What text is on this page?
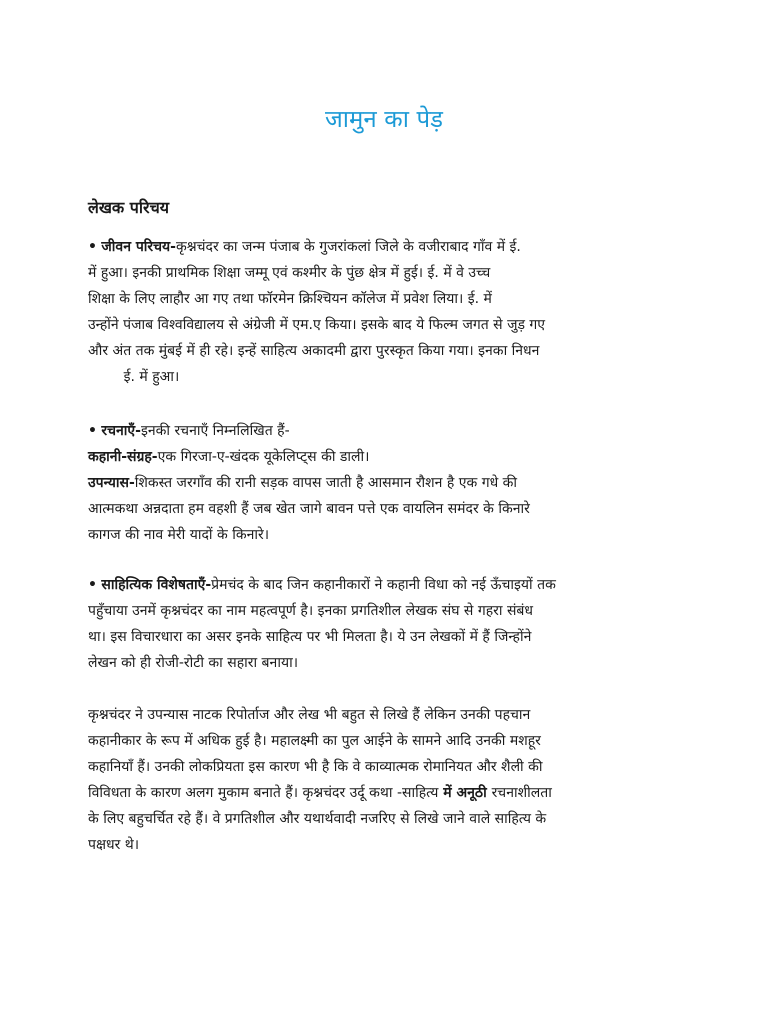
जामुन का पेड़
लेखक परिचय
• जीवन परिचय-कृश्नचंदर का जन्म पंजाब के गुजरांकलां जिले के वजीराबाद गाँव में ई.
में हुआ। इनकी प्राथमिक शिक्षा जम्मू एवं कश्मीर के पुंछ क्षेत्र में हुई। ई. में वे उच्च
शिक्षा के लिए लाहौर आ गए तथा फॉरमेन क्रिश्चियन कॉलेज में प्रवेश लिया। ई. में
उन्होंने पंजाब विश्वविद्यालय से अंग्रेजी में एम.ए किया। इसके बाद ये फिल्म जगत से जुड़ गए
और अंत तक मुंबई में ही रहे। इन्हें साहित्य अकादमी द्वारा पुरस्कृत किया गया। इनका निधन
ई. में हुआ।
• रचनाएँ-इनकी रचनाएँ निम्नलिखित हैं-
कहानी-संग्रह-एक गिरजा-ए-खंदक यूकेलिप्ट्स की डाली।
उपन्यास-शिकस्त जरगाँव की रानी सड़क वापस जाती है आसमान रौशन है एक गधे की
आत्मकथा अन्नदाता हम वहशी हैं जब खेत जागे बावन पत्ते एक वायलिन समंदर के किनारे
कागज की नाव मेरी यादों के किनारे।
• साहित्यिक विशेषताएँ-प्रेमचंद के बाद जिन कहानीकारों ने कहानी विधा को नई ऊँचाइयों तक
पहुँचाया उनमें कृश्नचंदर का नाम महत्वपूर्ण है। इनका प्रगतिशील लेखक संघ से गहरा संबंध
था। इस विचारधारा का असर इनके साहित्य पर भी मिलता है। ये उन लेखकों में हैं जिन्होंने
लेखन को ही रोजी-रोटी का सहारा बनाया।
कृश्नचंदर ने उपन्यास नाटक रिपोर्ताज और लेख भी बहुत से लिखे हैं लेकिन उनकी पहचान
कहानीकार के रूप में अधिक हुई है। महालक्ष्मी का पुल आईने के सामने आदि उनकी मशहूर
कहानियाँ हैं। उनकी लोकप्रियता इस कारण भी है कि वे काव्यात्मक रोमानियत और शैली की
विविधता के कारण अलग मुकाम बनाते हैं। कृश्नचंदर उर्दू कथा -साहित्य में अनूठी रचनाशीलता
के लिए बहुचर्चित रहे हैं। वे प्रगतिशील और यथार्थवादी नजरिए से लिखे जाने वाले साहित्य के
पक्षधर थे।
